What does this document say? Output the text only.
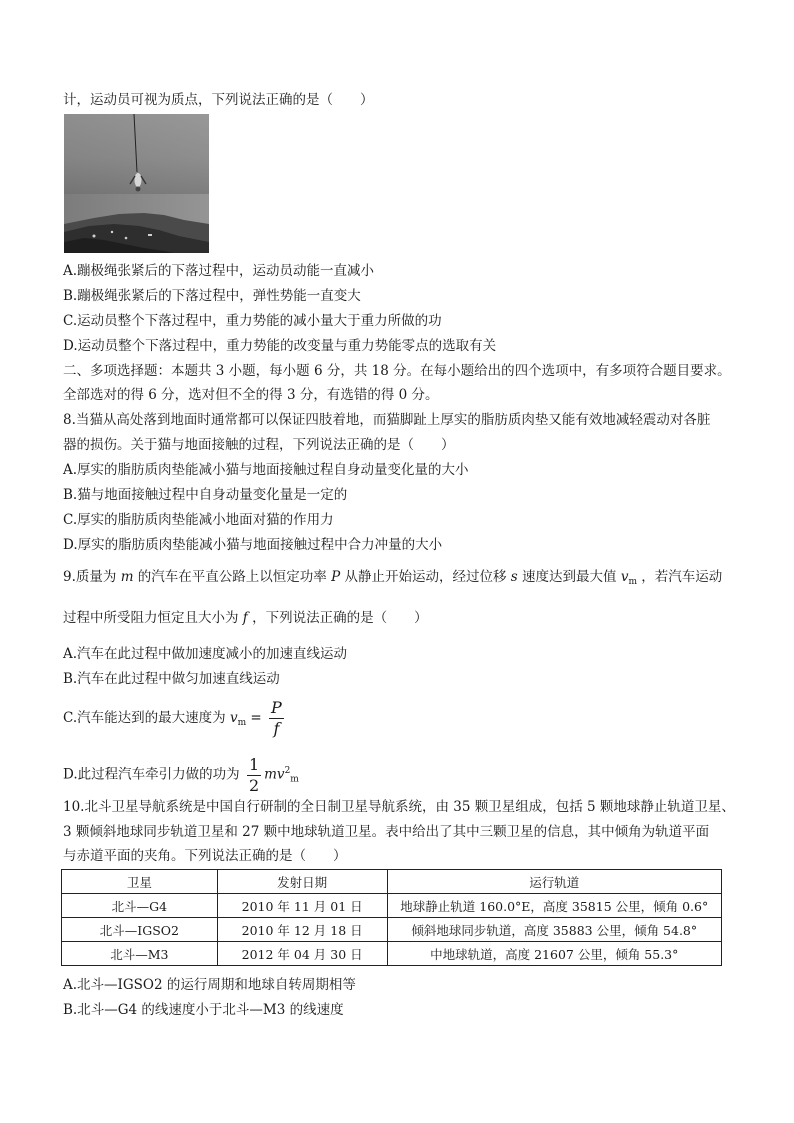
计，运动员可视为质点，下列说法正确的是（　　）
A.蹦极绳张紧后的下落过程中，运动员动能一直减小
B.蹦极绳张紧后的下落过程中，弹性势能一直变大
C.运动员整个下落过程中，重力势能的减小量大于重力所做的功
D.运动员整个下落过程中，重力势能的改变量与重力势能零点的选取有关
二、多项选择题：本题共 3 小题，每小题 6 分，共 18 分。在每小题给出的四个选项中，有多项符合题目要求。
全部选对的得 6 分，选对但不全的得 3 分，有选错的得 0 分。
8.当猫从高处落到地面时通常都可以保证四肢着地，而猫脚趾上厚实的脂肪质肉垫又能有效地减轻震动对各脏
器的损伤。关于猫与地面接触的过程，下列说法正确的是（　　）
A.厚实的脂肪质肉垫能减小猫与地面接触过程自身动量变化量的大小
B.猫与地面接触过程中自身动量变化量是一定的
C.厚实的脂肪质肉垫能减小地面对猫的作用力
D.厚实的脂肪质肉垫能减小猫与地面接触过程中合力冲量的大小
9.质量为 m 的汽车在平直公路上以恒定功率 P 从静止开始运动，经过位移 s 速度达到最大值 $v_m$ ，若汽车运动
过程中所受阻力恒定且大小为 f ，下列说法正确的是（　　）
A.汽车在此过程中做加速度减小的加速直线运动
B.汽车在此过程中做匀加速直线运动
C.汽车能达到的最大速度为 $v_m = \frac{P}{f}$
D.此过程汽车牵引力做的功为 $\frac{1}{2} mv^2_m$
10.北斗卫星导航系统是中国自行研制的全日制卫星导航系统，由 35 颗卫星组成，包括 5 颗地球静止轨道卫星、
3 颗倾斜地球同步轨道卫星和 27 颗中地球轨道卫星。表中给出了其中三颗卫星的信息，其中倾角为轨道平面
与赤道平面的夹角。下列说法正确的是（　　）
卫星	发射日期	运行轨道
北斗—G4	2010 年 11 月 01 日	地球静止轨道 160.0°E，高度 35815 公里，倾角 0.6°
北斗—IGSO2	2010 年 12 月 18 日	倾斜地球同步轨道，高度 35883 公里，倾角 54.8°
北斗—M3	2012 年 04 月 30 日	中地球轨道，高度 21607 公里，倾角 55.3°
A.北斗—IGSO2 的运行周期和地球自转周期相等
B.北斗—G4 的线速度小于北斗—M3 的线速度
